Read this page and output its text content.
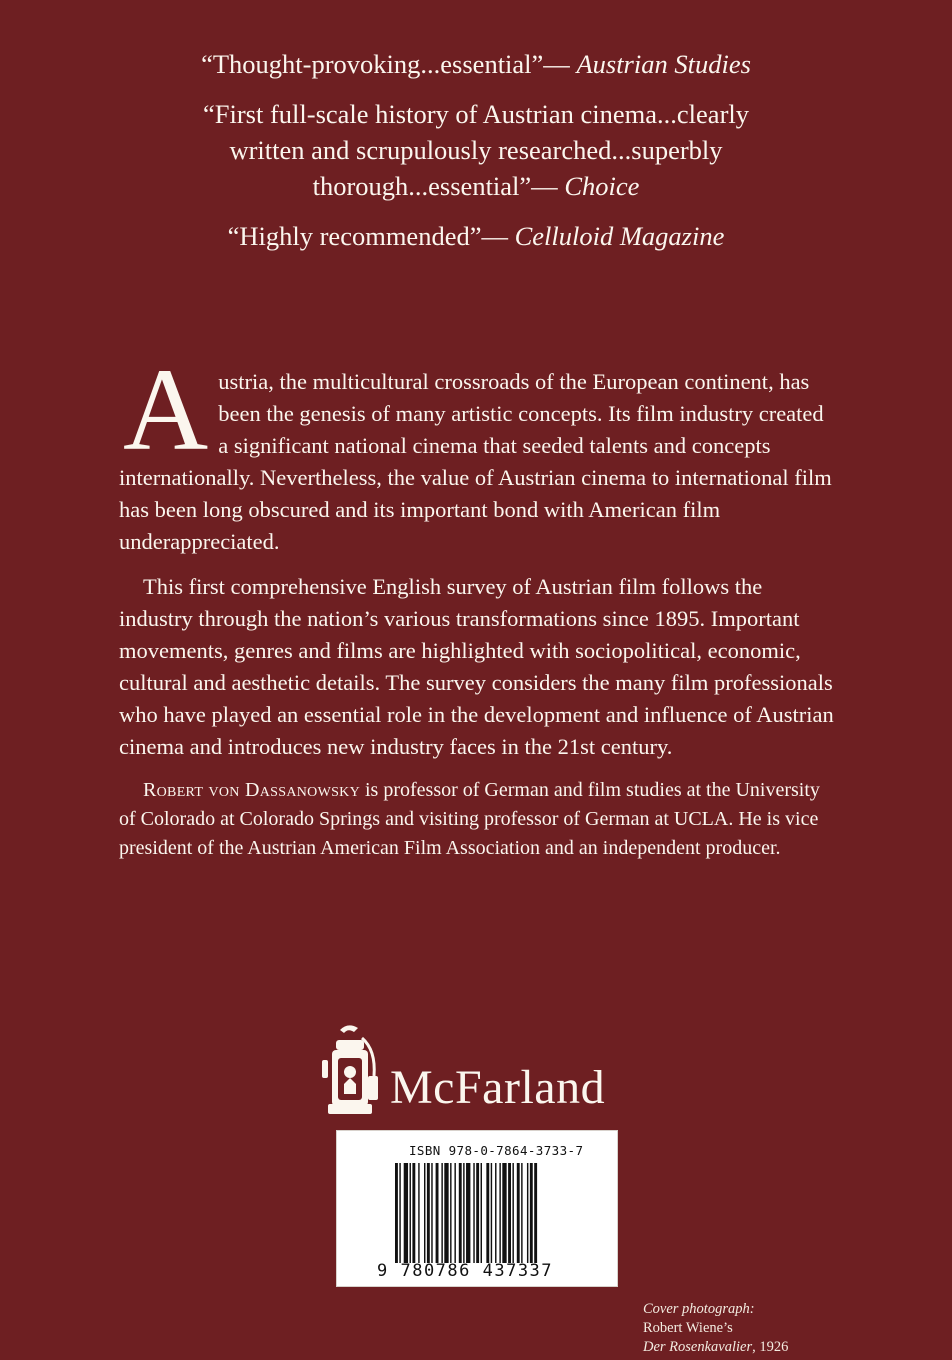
“Thought-provoking...essential”— Austrian Studies

“First full-scale history of Austrian cinema...clearly written and scrupulously researched...superbly thorough...essential”— Choice

“Highly recommended”— Celluloid Magazine

Austria, the multicultural crossroads of the European continent, has been the genesis of many artistic concepts. Its film industry created a significant national cinema that seeded talents and concepts internationally. Nevertheless, the value of Austrian cinema to international film has been long obscured and its important bond with American film underappreciated.

This first comprehensive English survey of Austrian film follows the industry through the nation’s various transformations since 1895. Important movements, genres and films are highlighted with sociopolitical, economic, cultural and aesthetic details. The survey considers the many film professionals who have played an essential role in the development and influence of Austrian cinema and introduces new industry faces in the 21st century.

Robert von Dassanowsky is professor of German and film studies at the University of Colorado at Colorado Springs and visiting professor of German at UCLA. He is vice president of the Austrian American Film Association and an independent producer.

McFarland
ISBN 978-0-7864-3733-7
9 780786 437337
Cover photograph:
Robert Wiene’s
Der Rosenkavalier, 1926
